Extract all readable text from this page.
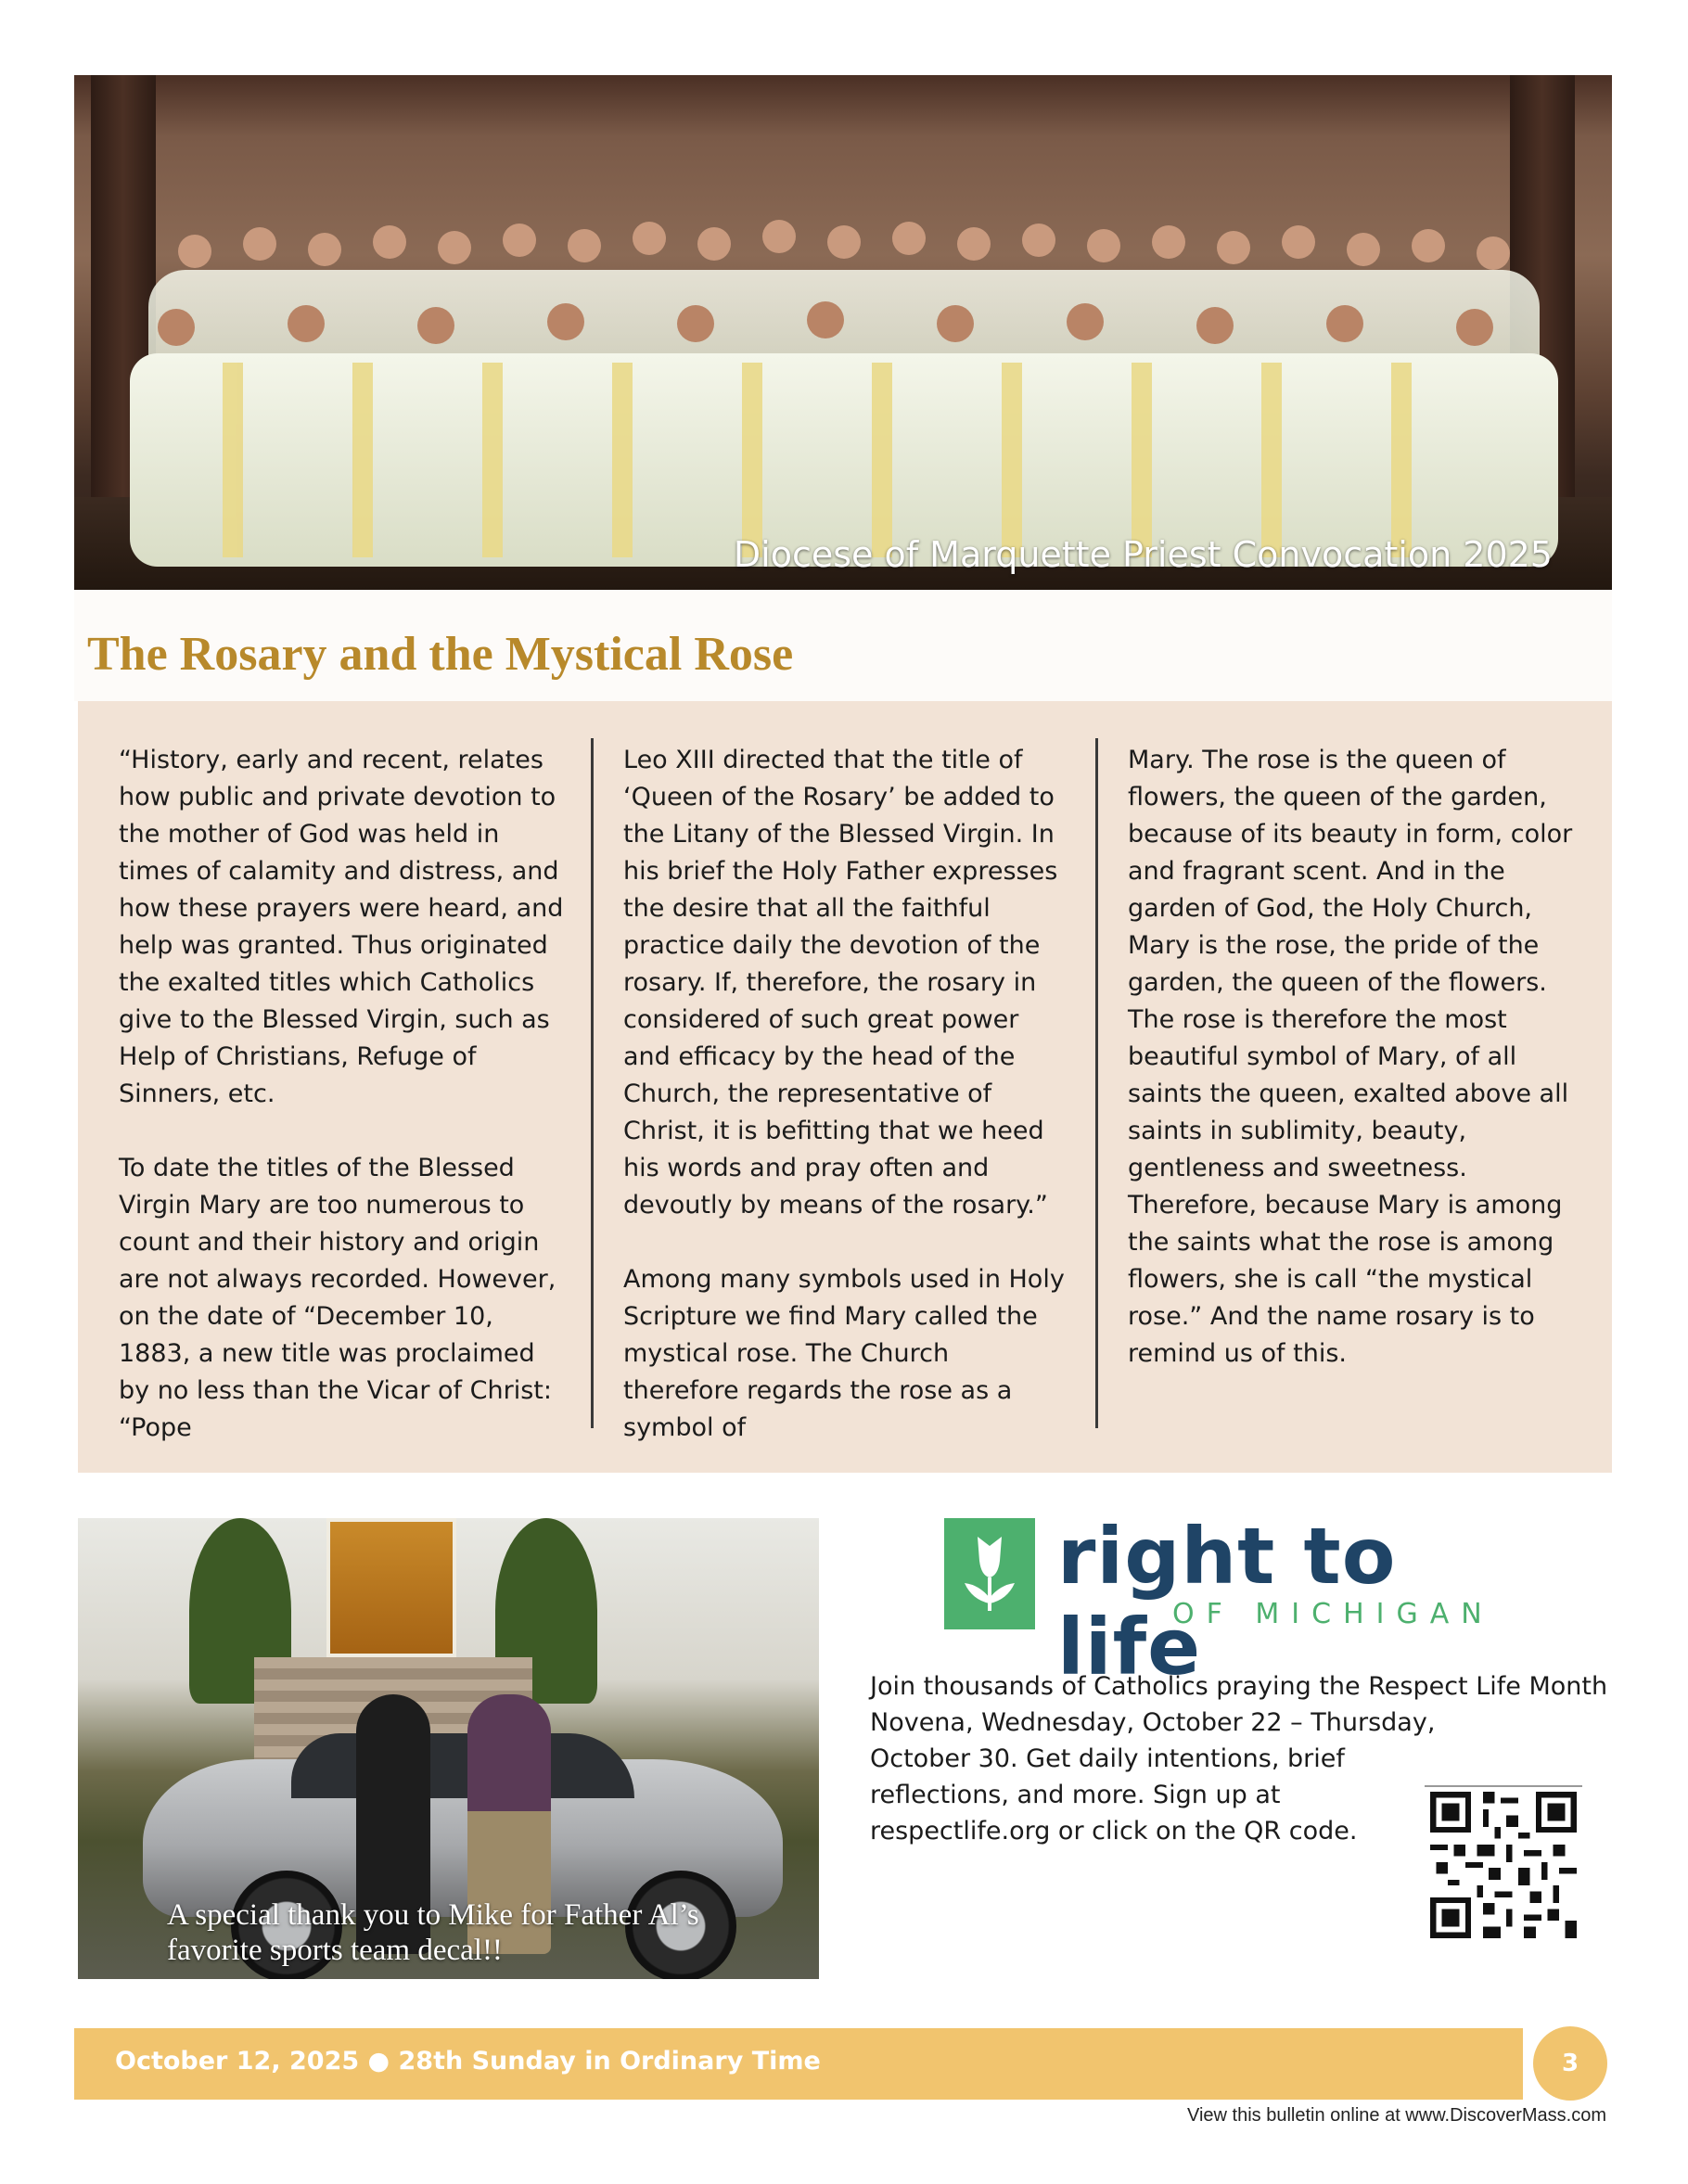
Diocese of Marquette Priest Convocation 2025
The Rosary and the Mystical Rose

“History, early and recent, relates how public and private devotion to the mother of God was held in times of calamity and distress, and how these prayers were heard, and help was granted. Thus originated the exalted titles which Catholics give to the Blessed Virgin, such as Help of Christians, Refuge of Sinners, etc.

To date the titles of the Blessed Virgin Mary are too numerous to count and their history and origin are not always recorded. However, on the date of “December 10, 1883, a new title was proclaimed by no less than the Vicar of Christ: “Pope

Leo XIII directed that the title of ‘Queen of the Rosary’ be added to the Litany of the Blessed Virgin. In his brief the Holy Father expresses the desire that all the faithful practice daily the devotion of the rosary. If, therefore, the rosary in considered of such great power and efficacy by the head of the Church, the representative of Christ, it is befitting that we heed his words and pray often and devoutly by means of the rosary.”

Among many symbols used in Holy Scripture we find Mary called the mystical rose. The Church therefore regards the rose as a symbol of

Mary. The rose is the queen of flowers, the queen of the garden, because of its beauty in form, color and fragrant scent. And in the garden of God, the Holy Church, Mary is the rose, the pride of the garden, the queen of the flowers. The rose is therefore the most beautiful symbol of Mary, of all saints the queen, exalted above all saints in sublimity, beauty, gentleness and sweetness. Therefore, because Mary is among the saints what the rose is among flowers, she is call “the mystical rose.” And the name rosary is to remind us of this.

A special thank you to Mike for Father Al’s
favorite sports team decal!!
right to life
OF MICHIGAN
Join thousands of Catholics praying the Respect Life Month
Novena, Wednesday, October 22 – Thursday,
October 30. Get daily intentions, brief
reflections, and more. Sign up at
respectlife.org or click on the QR code.
October 12, 2025 ● 28th Sunday in Ordinary Time	3
View this bulletin online at www.DiscoverMass.com
